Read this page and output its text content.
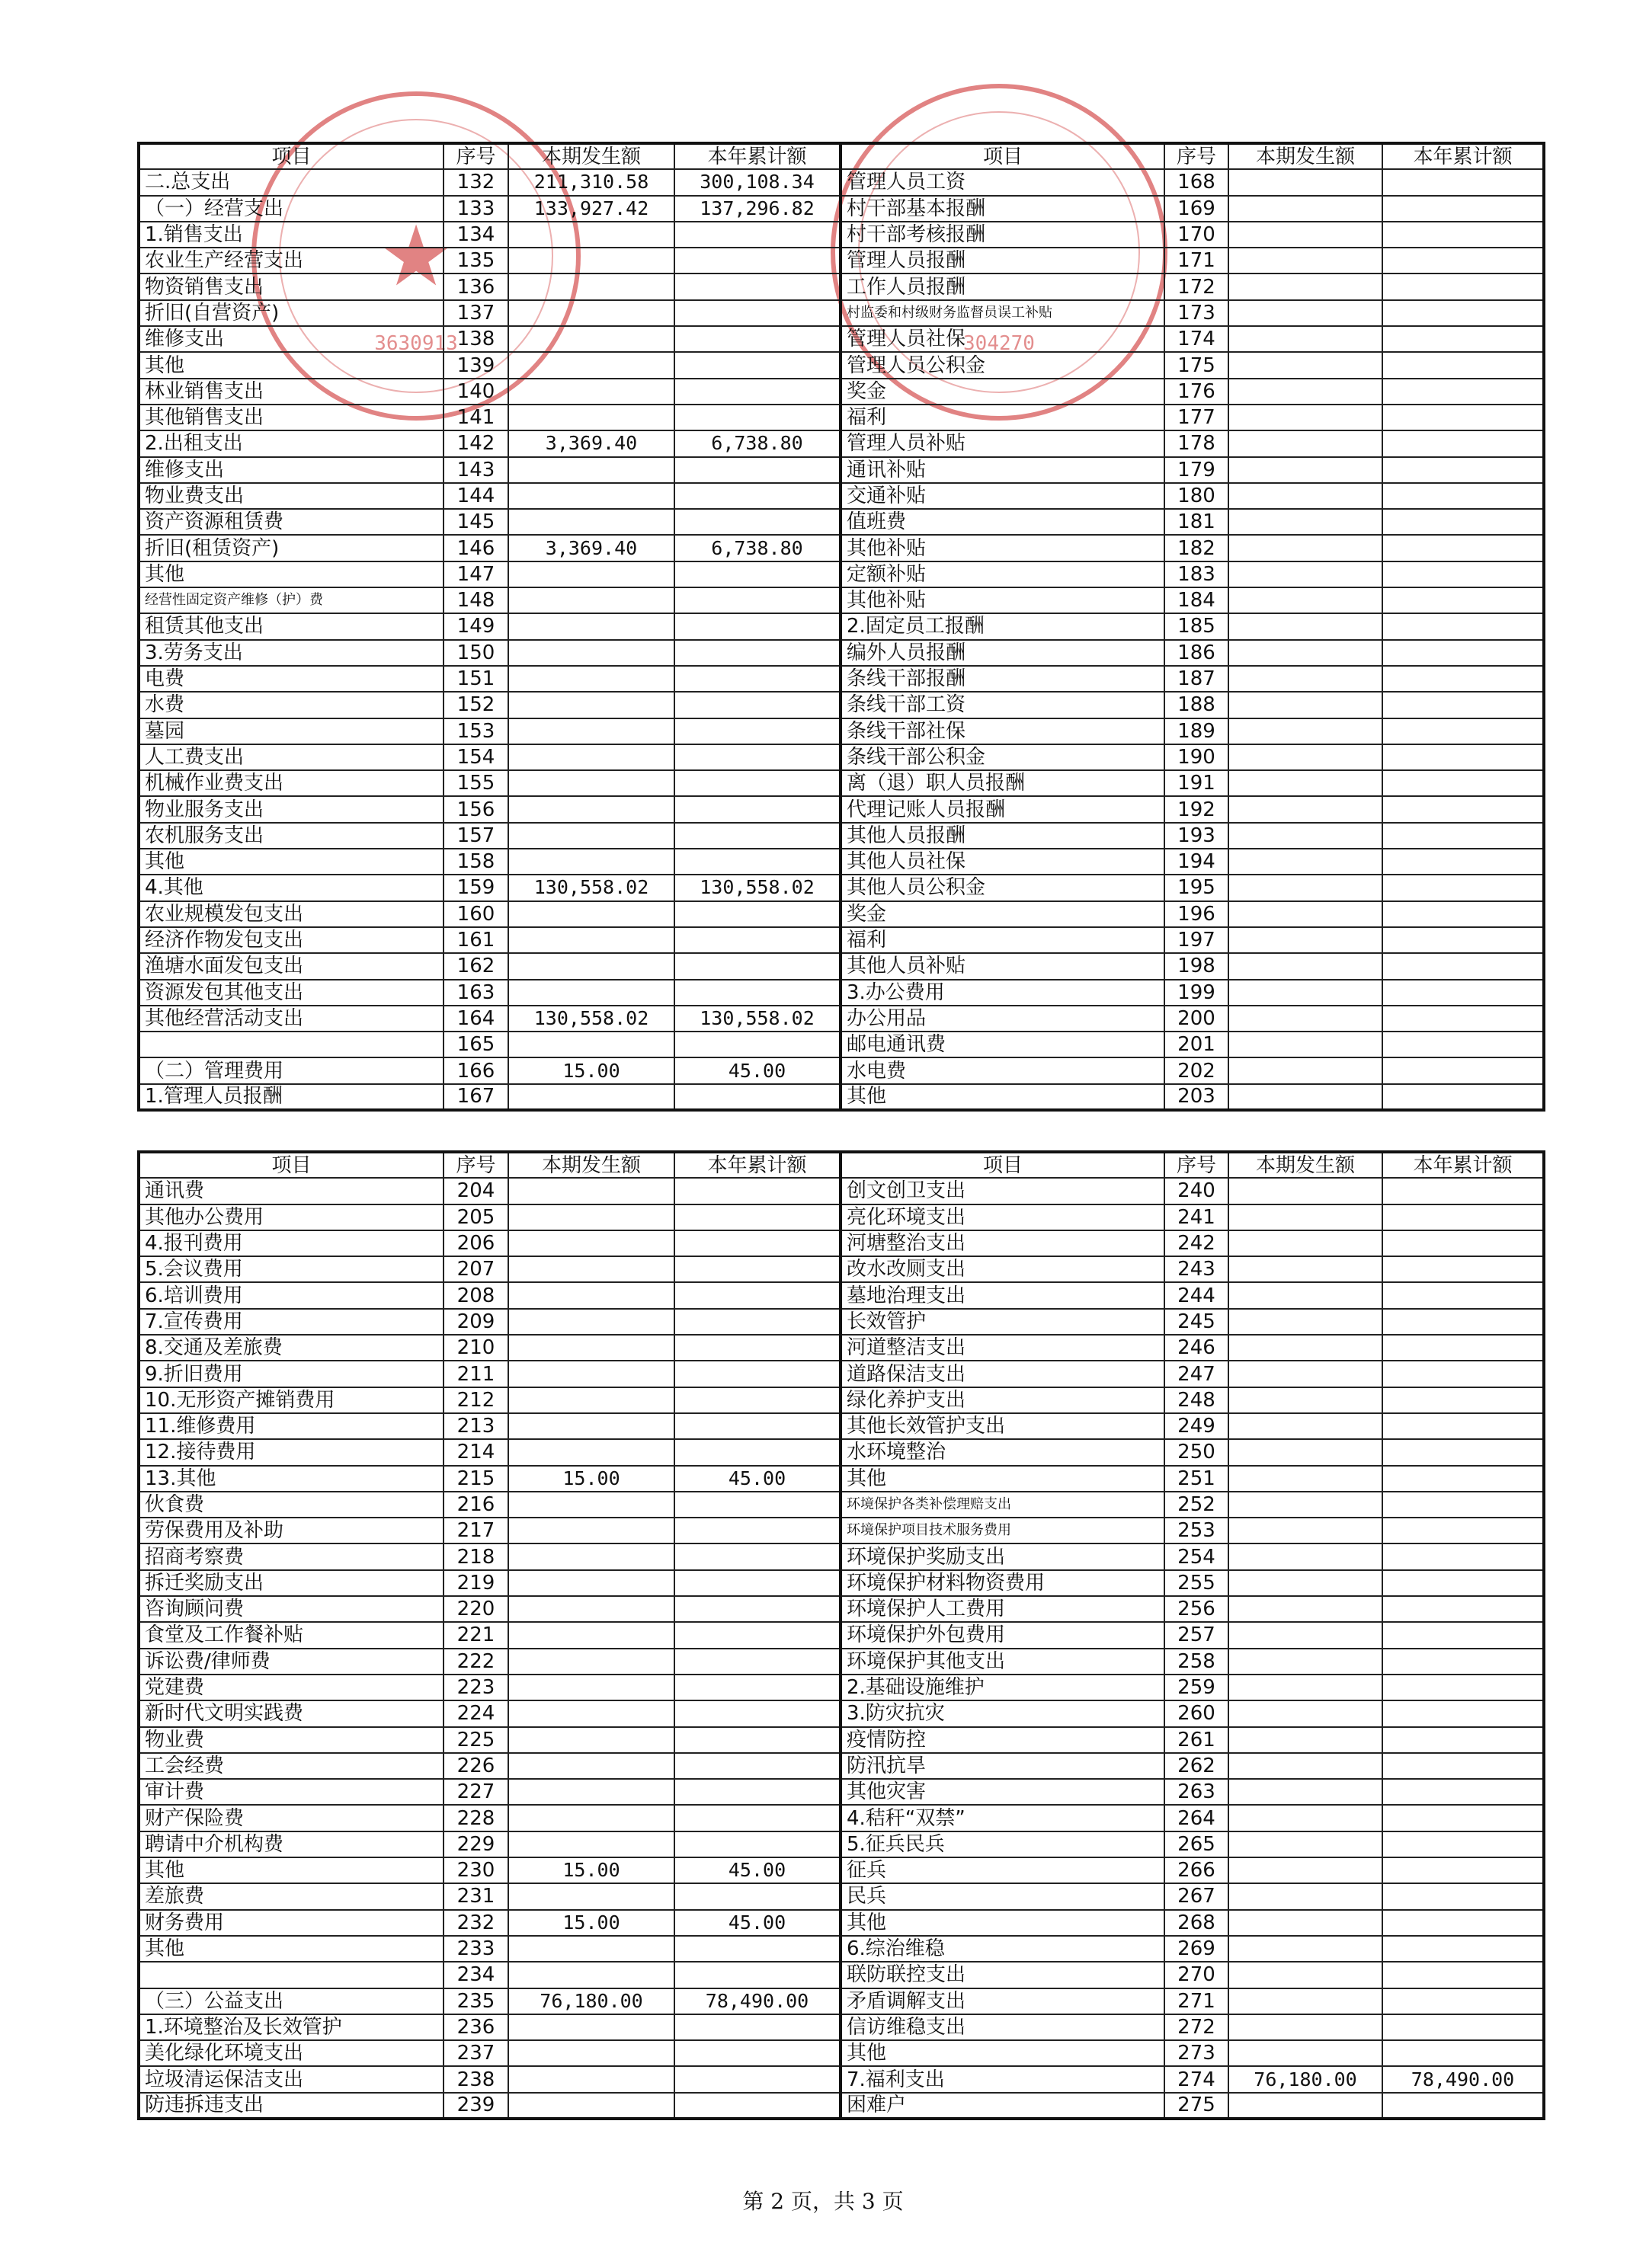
★
3630913	304270
项目	序号	本期发生额	本年累计额	项目	序号	本期发生额	本年累计额
二.总支出	132	211,310.58	300,108.34	管理人员工资	168		
（一）经营支出	133	133,927.42	137,296.82	村干部基本报酬	169		
1.销售支出	134			村干部考核报酬	170		
农业生产经营支出	135			管理人员报酬	171		
物资销售支出	136			工作人员报酬	172		
折旧(自营资产)	137			村监委和村级财务监督员误工补贴	173		
维修支出	138			管理人员社保	174		
其他	139			管理人员公积金	175		
林业销售支出	140			奖金	176		
其他销售支出	141			福利	177		
2.出租支出	142	3,369.40	6,738.80	管理人员补贴	178		
维修支出	143			通讯补贴	179		
物业费支出	144			交通补贴	180		
资产资源租赁费	145			值班费	181		
折旧(租赁资产)	146	3,369.40	6,738.80	其他补贴	182		
其他	147			定额补贴	183		
经营性固定资产维修（护）费	148			其他补贴	184		
租赁其他支出	149			2.固定员工报酬	185		
3.劳务支出	150			编外人员报酬	186		
电费	151			条线干部报酬	187		
水费	152			条线干部工资	188		
墓园	153			条线干部社保	189		
人工费支出	154			条线干部公积金	190		
机械作业费支出	155			离（退）职人员报酬	191		
物业服务支出	156			代理记账人员报酬	192		
农机服务支出	157			其他人员报酬	193		
其他	158			其他人员社保	194		
4.其他	159	130,558.02	130,558.02	其他人员公积金	195		
农业规模发包支出	160			奖金	196		
经济作物发包支出	161			福利	197		
渔塘水面发包支出	162			其他人员补贴	198		
资源发包其他支出	163			3.办公费用	199		
其他经营活动支出	164	130,558.02	130,558.02	办公用品	200		
	165			邮电通讯费	201		
（二）管理费用	166	15.00	45.00	水电费	202		
1.管理人员报酬	167			其他	203		
项目	序号	本期发生额	本年累计额	项目	序号	本期发生额	本年累计额
通讯费	204			创文创卫支出	240		
其他办公费用	205			亮化环境支出	241		
4.报刊费用	206			河塘整治支出	242		
5.会议费用	207			改水改厕支出	243		
6.培训费用	208			墓地治理支出	244		
7.宣传费用	209			长效管护	245		
8.交通及差旅费	210			河道整洁支出	246		
9.折旧费用	211			道路保洁支出	247		
10.无形资产摊销费用	212			绿化养护支出	248		
11.维修费用	213			其他长效管护支出	249		
12.接待费用	214			水环境整治	250		
13.其他	215	15.00	45.00	其他	251		
伙食费	216			环境保护各类补偿理赔支出	252		
劳保费用及补助	217			环境保护项目技术服务费用	253		
招商考察费	218			环境保护奖励支出	254		
拆迁奖励支出	219			环境保护材料物资费用	255		
咨询顾问费	220			环境保护人工费用	256		
食堂及工作餐补贴	221			环境保护外包费用	257		
诉讼费/律师费	222			环境保护其他支出	258		
党建费	223			2.基础设施维护	259		
新时代文明实践费	224			3.防灾抗灾	260		
物业费	225			疫情防控	261		
工会经费	226			防汛抗旱	262		
审计费	227			其他灾害	263		
财产保险费	228			4.秸秆“双禁”	264		
聘请中介机构费	229			5.征兵民兵	265		
其他	230	15.00	45.00	征兵	266		
差旅费	231			民兵	267		
财务费用	232	15.00	45.00	其他	268		
其他	233			6.综治维稳	269		
	234			联防联控支出	270		
（三）公益支出	235	76,180.00	78,490.00	矛盾调解支出	271		
1.环境整治及长效管护	236			信访维稳支出	272		
美化绿化环境支出	237			其他	273		
垃圾清运保洁支出	238			7.福利支出	274	76,180.00	78,490.00
防违拆违支出	239			困难户	275		
第 2 页，共 3 页
